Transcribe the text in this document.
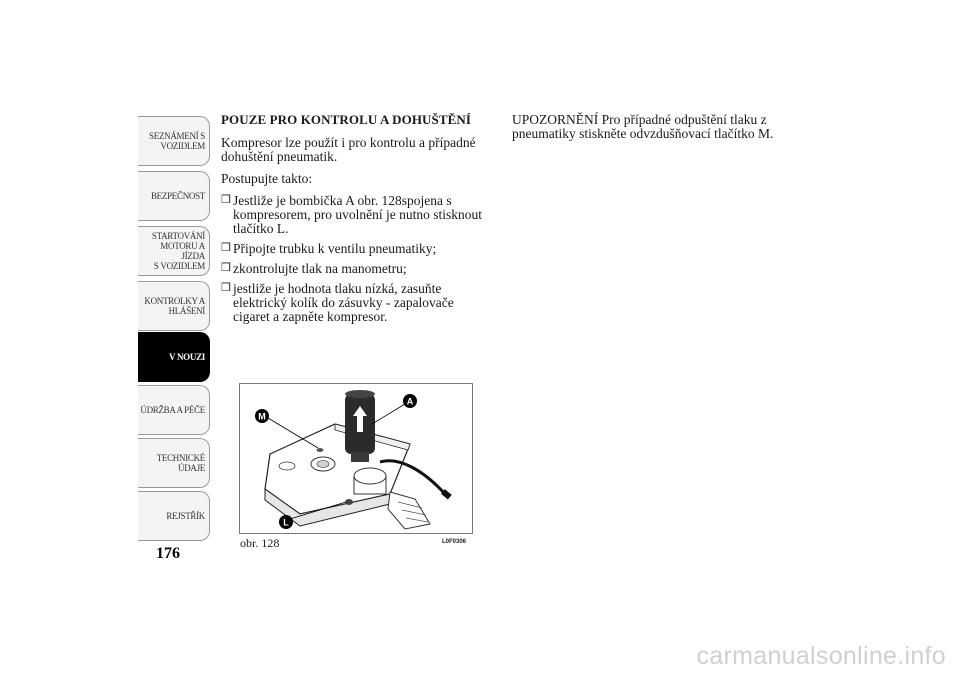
SEZNÁMENÍ S
VOZIDLEM
BEZPEČNOST
STARTOVÁNÍ
MOTORU A JÍZDA
S VOZIDLEM
KONTROLKY A
HLÁŠENÍ
V NOUZI
ÚDRŽBA A PÉČE
TECHNICKÉ
ÚDAJE
REJSTŘÍK
176
POUZE PRO KONTROLU A DOHUŠTĚNÍ

Kompresor lze použít i pro kontrolu a případné dohuštění pneumatik.

Postupujte takto:

❒ Jestliže je bombička A obr. 128spojena s kompresorem, pro uvolnění je nutno stisknout tlačítko L.
❒ Připojte trubku k ventilu pneumatiky;
❒ zkontrolujte tlak na manometru;
❒ jestliže je hodnota tlaku nízká, zasuňte elektrický kolík do zásuvky - zapalovače cigaret a zapněte kompresor.

UPOZORNĚNÍ Pro případné odpuštění tlaku z pneumatiky stiskněte odvzdušňovací tlačítko M.

M
A
L
obr. 128	L0F0306
carmanualsonline.info
